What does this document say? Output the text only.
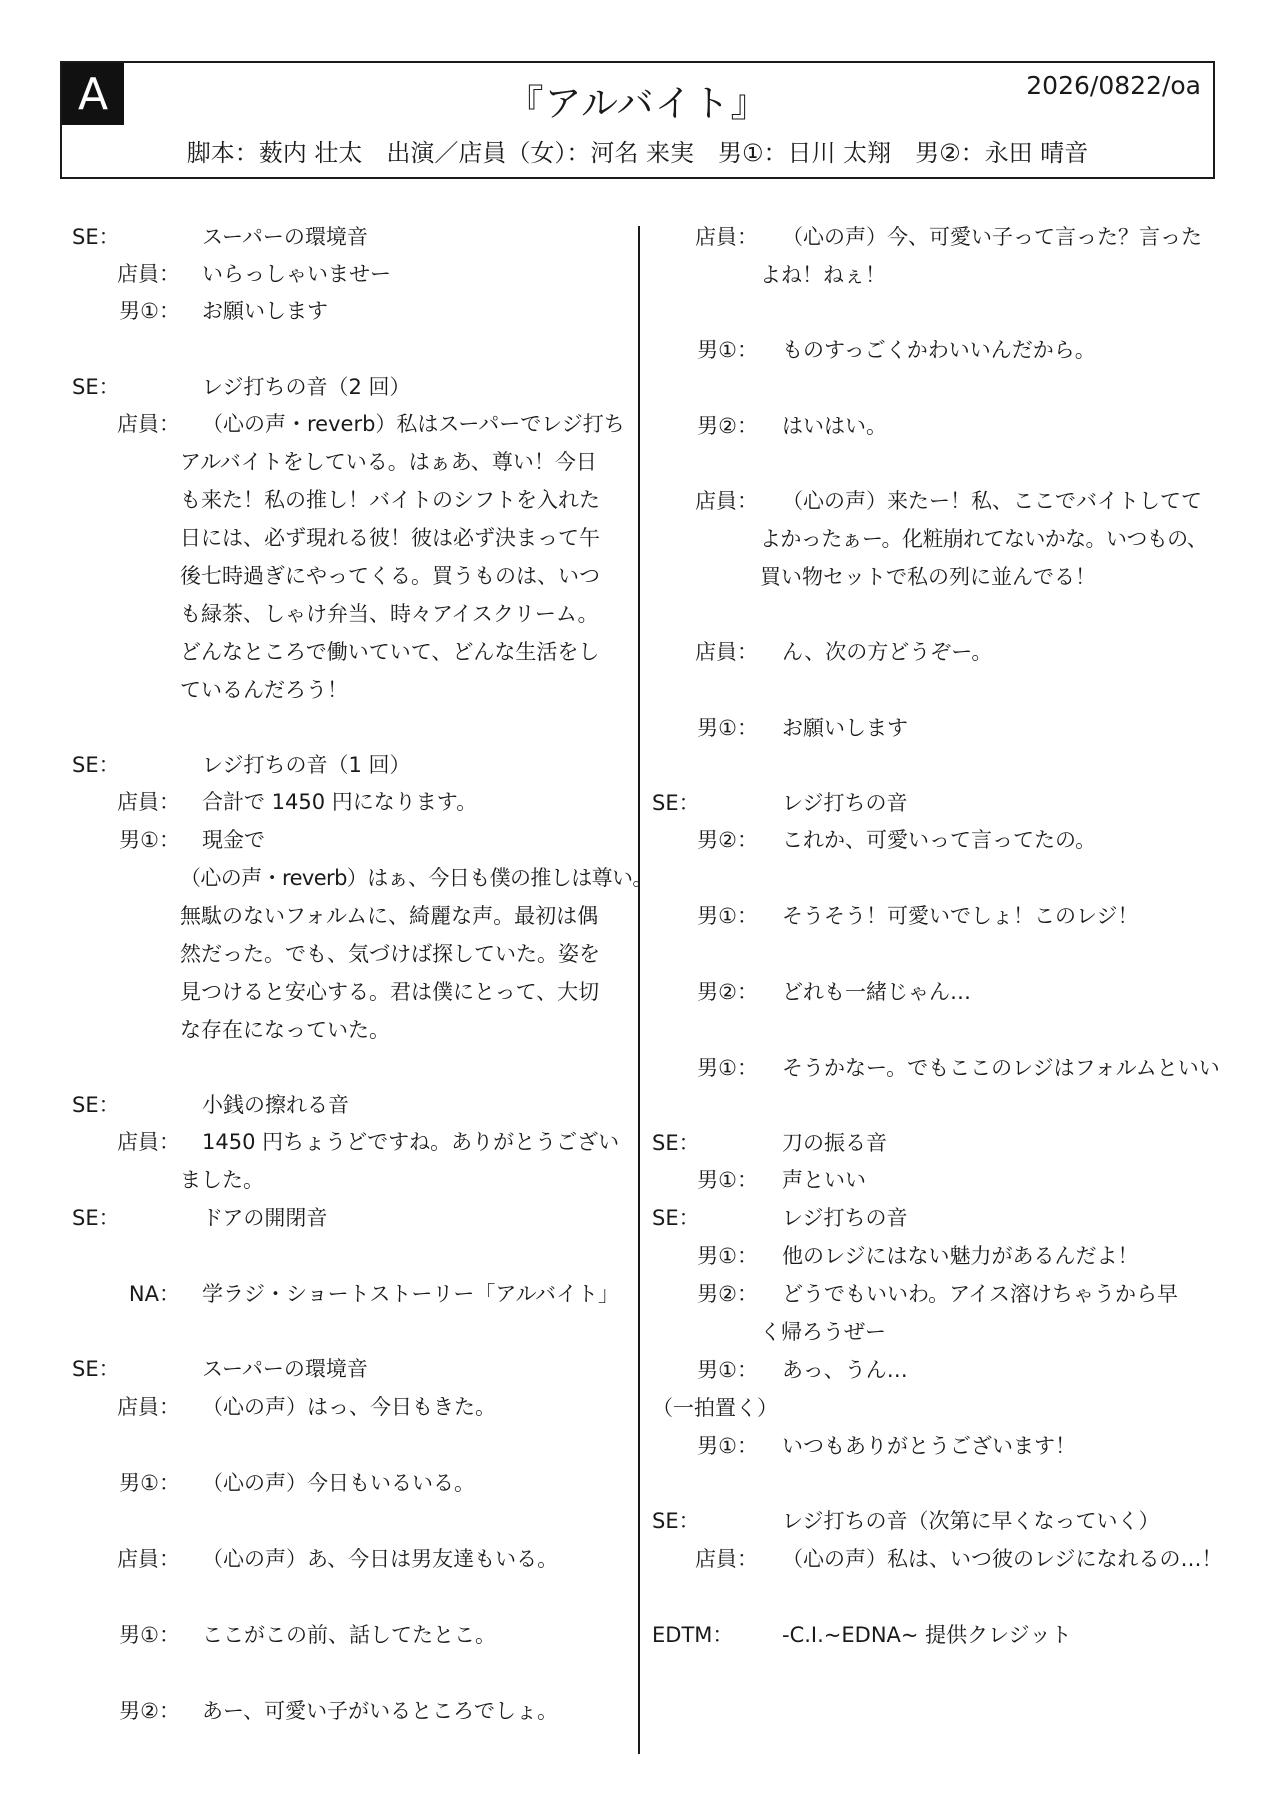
A	『アルバイト』	2026/0822/oa
脚本：薮内 壮太　出演／店員（女）：河名 来実　男①：日川 太翔　男②：永田 晴音
SE：	スーパーの環境音
店員： いらっしゃいませー
男①： お願いします
SE：	レジ打ちの音（2 回）
店員： （心の声・reverb）私はスーパーでレジ打ち
アルバイトをしている。はぁあ、尊い！今日
も来た！私の推し！バイトのシフトを入れた
日には、必ず現れる彼！彼は必ず決まって午
後七時過ぎにやってくる。買うものは、いつ
も緑茶、しゃけ弁当、時々アイスクリーム。
どんなところで働いていて、どんな生活をし
ているんだろう！
SE：	レジ打ちの音（1 回）
店員： 合計で 1450 円になります。
男①： 現金で
（心の声・reverb）はぁ、今日も僕の推しは尊い。
無駄のないフォルムに、綺麗な声。最初は偶
然だった。でも、気づけば探していた。姿を
見つけると安心する。君は僕にとって、大切
な存在になっていた。
SE：	小銭の擦れる音
店員： 1450 円ちょうどですね。ありがとうござい
ました。
SE：	ドアの開閉音
NA： 学ラジ・ショートストーリー「アルバイト」
SE：	スーパーの環境音
店員： （心の声）はっ、今日もきた。
男①： （心の声）今日もいるいる。
店員： （心の声）あ、今日は男友達もいる。
男①： ここがこの前、話してたとこ。
男②： あー、可愛い子がいるところでしょ。
店員： （心の声）今、可愛い子って言った？言った
よね！ねぇ！
男①： ものすっごくかわいいんだから。
男②： はいはい。
店員： （心の声）来たー！私、ここでバイトしてて
よかったぁー。化粧崩れてないかな。いつもの、
買い物セットで私の列に並んでる！
店員： ん、次の方どうぞー。
男①： お願いします
SE：	レジ打ちの音
男②： これか、可愛いって言ってたの。
男①： そうそう！可愛いでしょ！このレジ！
男②： どれも一緒じゃん…
男①： そうかなー。でもここのレジはフォルムといい
SE：	刀の振る音
男①： 声といい
SE：	レジ打ちの音
男①： 他のレジにはない魅力があるんだよ！
男②： どうでもいいわ。アイス溶けちゃうから早
く帰ろうぜー
男①： あっ、うん…
（一拍置く）
男①： いつもありがとうございます！
SE：	レジ打ちの音（次第に早くなっていく）
店員： （心の声）私は、いつ彼のレジになれるの…！
EDTM：	-C.I.~EDNA~ 提供クレジット
